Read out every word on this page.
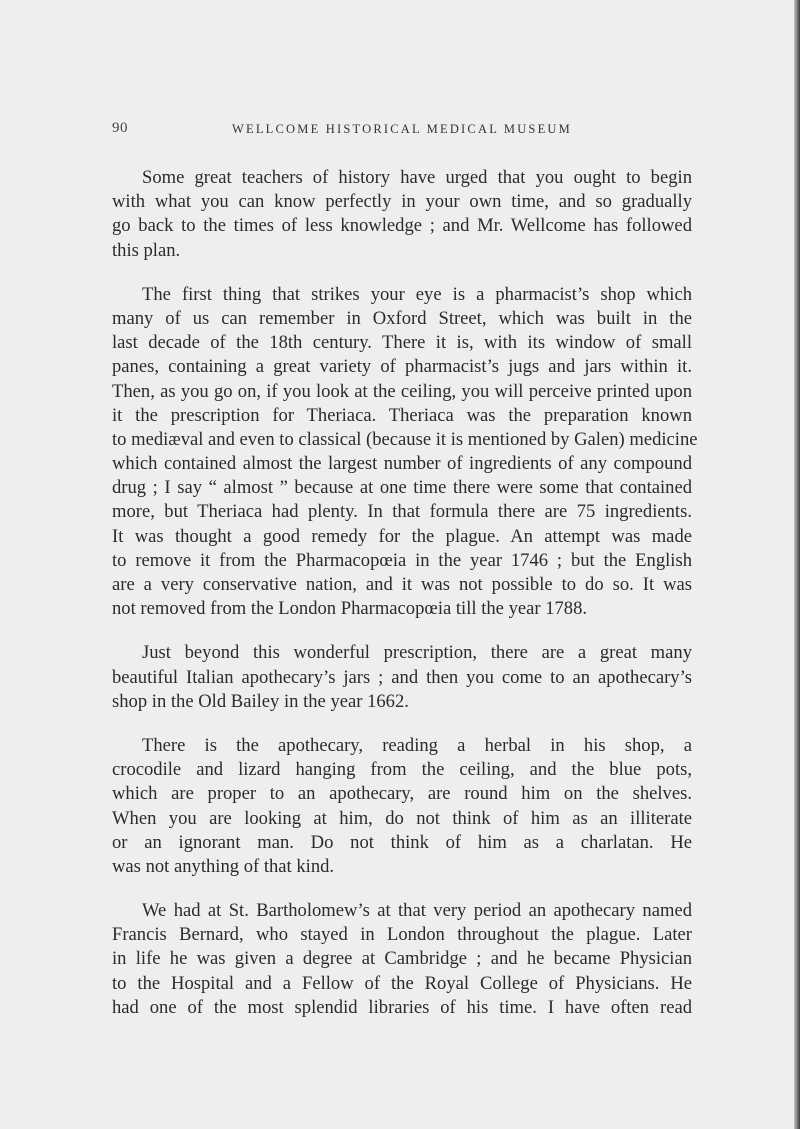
90	WELLCOME HISTORICAL MEDICAL MUSEUM
Some great teachers of history have urged that you ought to begin
with what you can know perfectly in your own time, and so gradually
go back to the times of less knowledge ; and Mr. Wellcome has followed
this plan.
The first thing that strikes your eye is a pharmacist’s shop which
many of us can remember in Oxford Street, which was built in the
last decade of the 18th century. There it is, with its window of small
panes, containing a great variety of pharmacist’s jugs and jars within it.
Then, as you go on, if you look at the ceiling, you will perceive printed upon
it the prescription for Theriaca. Theriaca was the preparation known
to mediæval and even to classical (because it is mentioned by Galen) medicine
which contained almost the largest number of ingredients of any compound
drug ; I say “ almost ” because at one time there were some that contained
more, but Theriaca had plenty. In that formula there are 75 ingredients.
It was thought a good remedy for the plague. An attempt was made
to remove it from the Pharmacopœia in the year 1746 ; but the English
are a very conservative nation, and it was not possible to do so. It was
not removed from the London Pharmacopœia till the year 1788.
Just beyond this wonderful prescription, there are a great many
beautiful Italian apothecary’s jars ; and then you come to an apothecary’s
shop in the Old Bailey in the year 1662.
There is the apothecary, reading a herbal in his shop, a
crocodile and lizard hanging from the ceiling, and the blue pots,
which are proper to an apothecary, are round him on the shelves.
When you are looking at him, do not think of him as an illiterate
or an ignorant man. Do not think of him as a charlatan. He
was not anything of that kind.
We had at St. Bartholomew’s at that very period an apothecary named
Francis Bernard, who stayed in London throughout the plague. Later
in life he was given a degree at Cambridge ; and he became Physician
to the Hospital and a Fellow of the Royal College of Physicians. He
had one of the most splendid libraries of his time. I have often read
